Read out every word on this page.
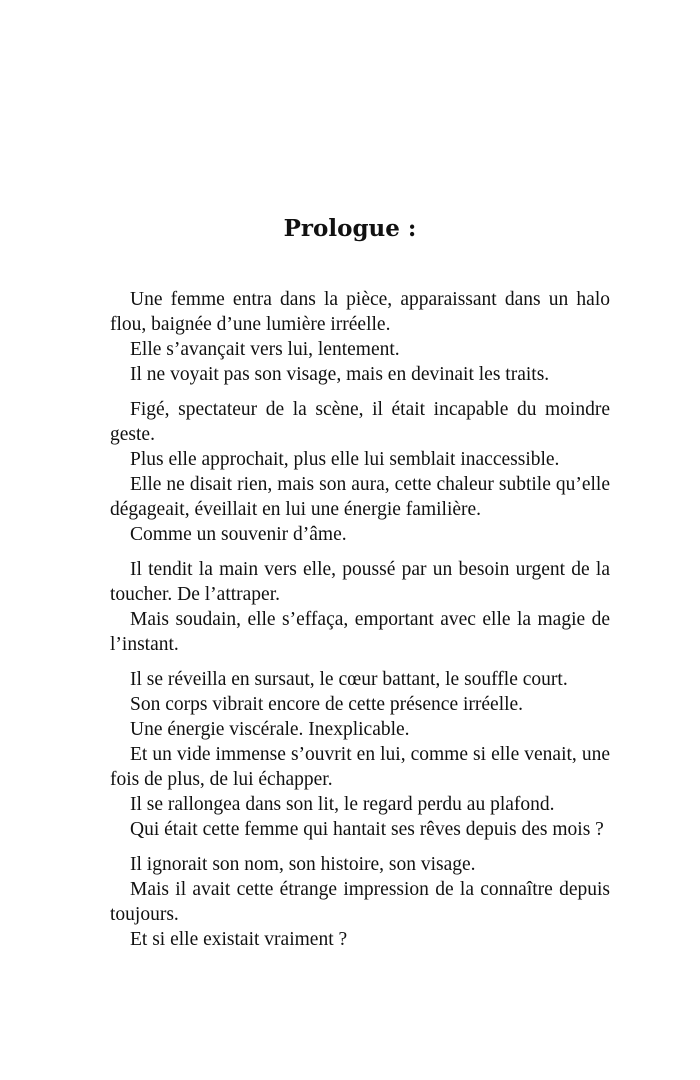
Prologue :

Une femme entra dans la pièce, apparaissant dans un halo flou, baignée d’une lumière irréelle.

Elle s’avançait vers lui, lentement.

Il ne voyait pas son visage, mais en devinait les traits.

Figé, spectateur de la scène, il était incapable du moindre geste.

Plus elle approchait, plus elle lui semblait inaccessible.

Elle ne disait rien, mais son aura, cette chaleur subtile qu’elle dégageait, éveillait en lui une énergie familière.

Comme un souvenir d’âme.

Il tendit la main vers elle, poussé par un besoin urgent de la toucher. De l’attraper.

Mais soudain, elle s’effaça, emportant avec elle la magie de l’instant.

Il se réveilla en sursaut, le cœur battant, le souffle court.

Son corps vibrait encore de cette présence irréelle.

Une énergie viscérale. Inexplicable.

Et un vide immense s’ouvrit en lui, comme si elle venait, une fois de plus, de lui échapper.

Il se rallongea dans son lit, le regard perdu au plafond.

Qui était cette femme qui hantait ses rêves depuis des mois ?

Il ignorait son nom, son histoire, son visage.

Mais il avait cette étrange impression de la connaître depuis toujours.

Et si elle existait vraiment ?
